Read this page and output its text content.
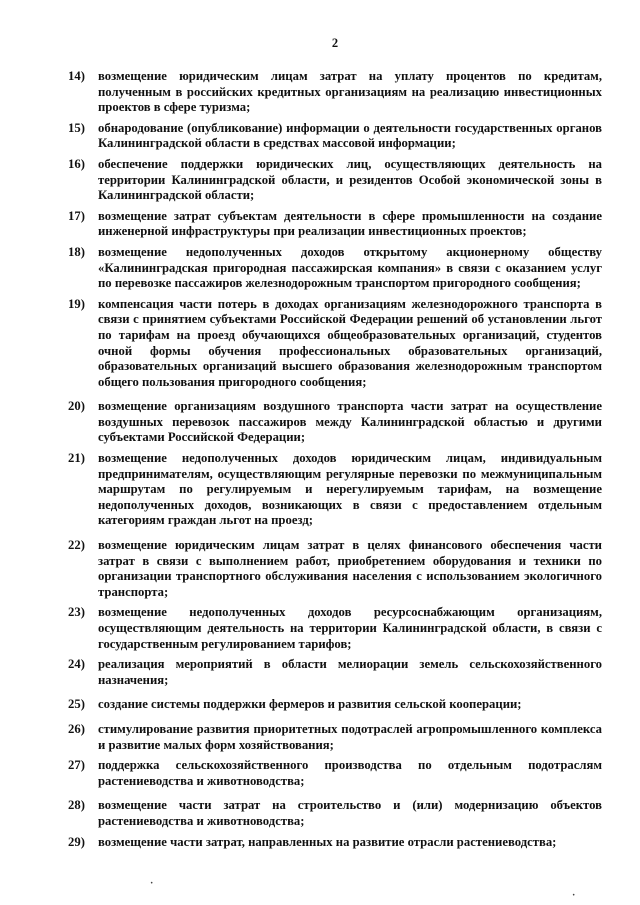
2
14)	возмещение юридическим лицам затрат на уплату процентов по кредитам, полученным в российских кредитных организациям на реализацию инвестиционных проектов в сфере туризма;
15)	обнародование (опубликование) информации о деятельности государственных органов Калининградской области в средствах массовой информации;
16)	обеспечение поддержки юридических лиц, осуществляющих деятельность на территории Калининградской области, и резидентов Особой экономической зоны в Калининградской области;
17)	возмещение затрат субъектам деятельности в сфере промышленности на создание инженерной инфраструктуры при реализации инвестиционных проектов;
18)	возмещение недополученных доходов открытому акционерному обществу «Калининградская пригородная пассажирская компания» в связи с оказанием услуг по перевозке пассажиров железнодорожным транспортом пригородного сообщения;
19)	компенсация части потерь в доходах организациям железнодорожного транспорта в связи с принятием субъектами Российской Федерации решений об установлении льгот по тарифам на проезд обучающихся общеобразовательных организаций, студентов очной формы обучения профессиональных образовательных организаций, образовательных организаций высшего образования железнодорожным транспортом общего пользования пригородного сообщения;
20)	возмещение организациям воздушного транспорта части затрат на осуществление воздушных перевозок пассажиров между Калининградской областью и другими субъектами Российской Федерации;
21)	возмещение недополученных доходов юридическим лицам, индивидуальным предпринимателям, осуществляющим регулярные перевозки по межмуниципальным маршрутам по регулируемым и нерегулируемым тарифам, на возмещение недополученных доходов, возникающих в связи с предоставлением отдельным категориям граждан льгот на проезд;
22)	возмещение юридическим лицам затрат в целях финансового обеспечения части затрат в связи с выполнением работ, приобретением оборудования и техники по организации транспортного обслуживания населения с использованием экологичного транспорта;
23)	возмещение недополученных доходов ресурсоснабжающим организациям, осуществляющим деятельность на территории Калининградской области, в связи с государственным регулированием тарифов;
24)	реализация мероприятий в области мелиорации земель сельскохозяйственного назначения;
25)	создание системы поддержки фермеров и развития сельской кооперации;
26)	стимулирование развития приоритетных подотраслей агропромышленного комплекса и развитие малых форм хозяйствования;
27)	поддержка сельскохозяйственного производства по отдельным подотраслям растениеводства и животноводства;
28)	возмещение части затрат на строительство и (или) модернизацию объектов растениеводства и животноводства;
29)	возмещение части затрат, направленных на развитие отрасли растениеводства;
·
·
